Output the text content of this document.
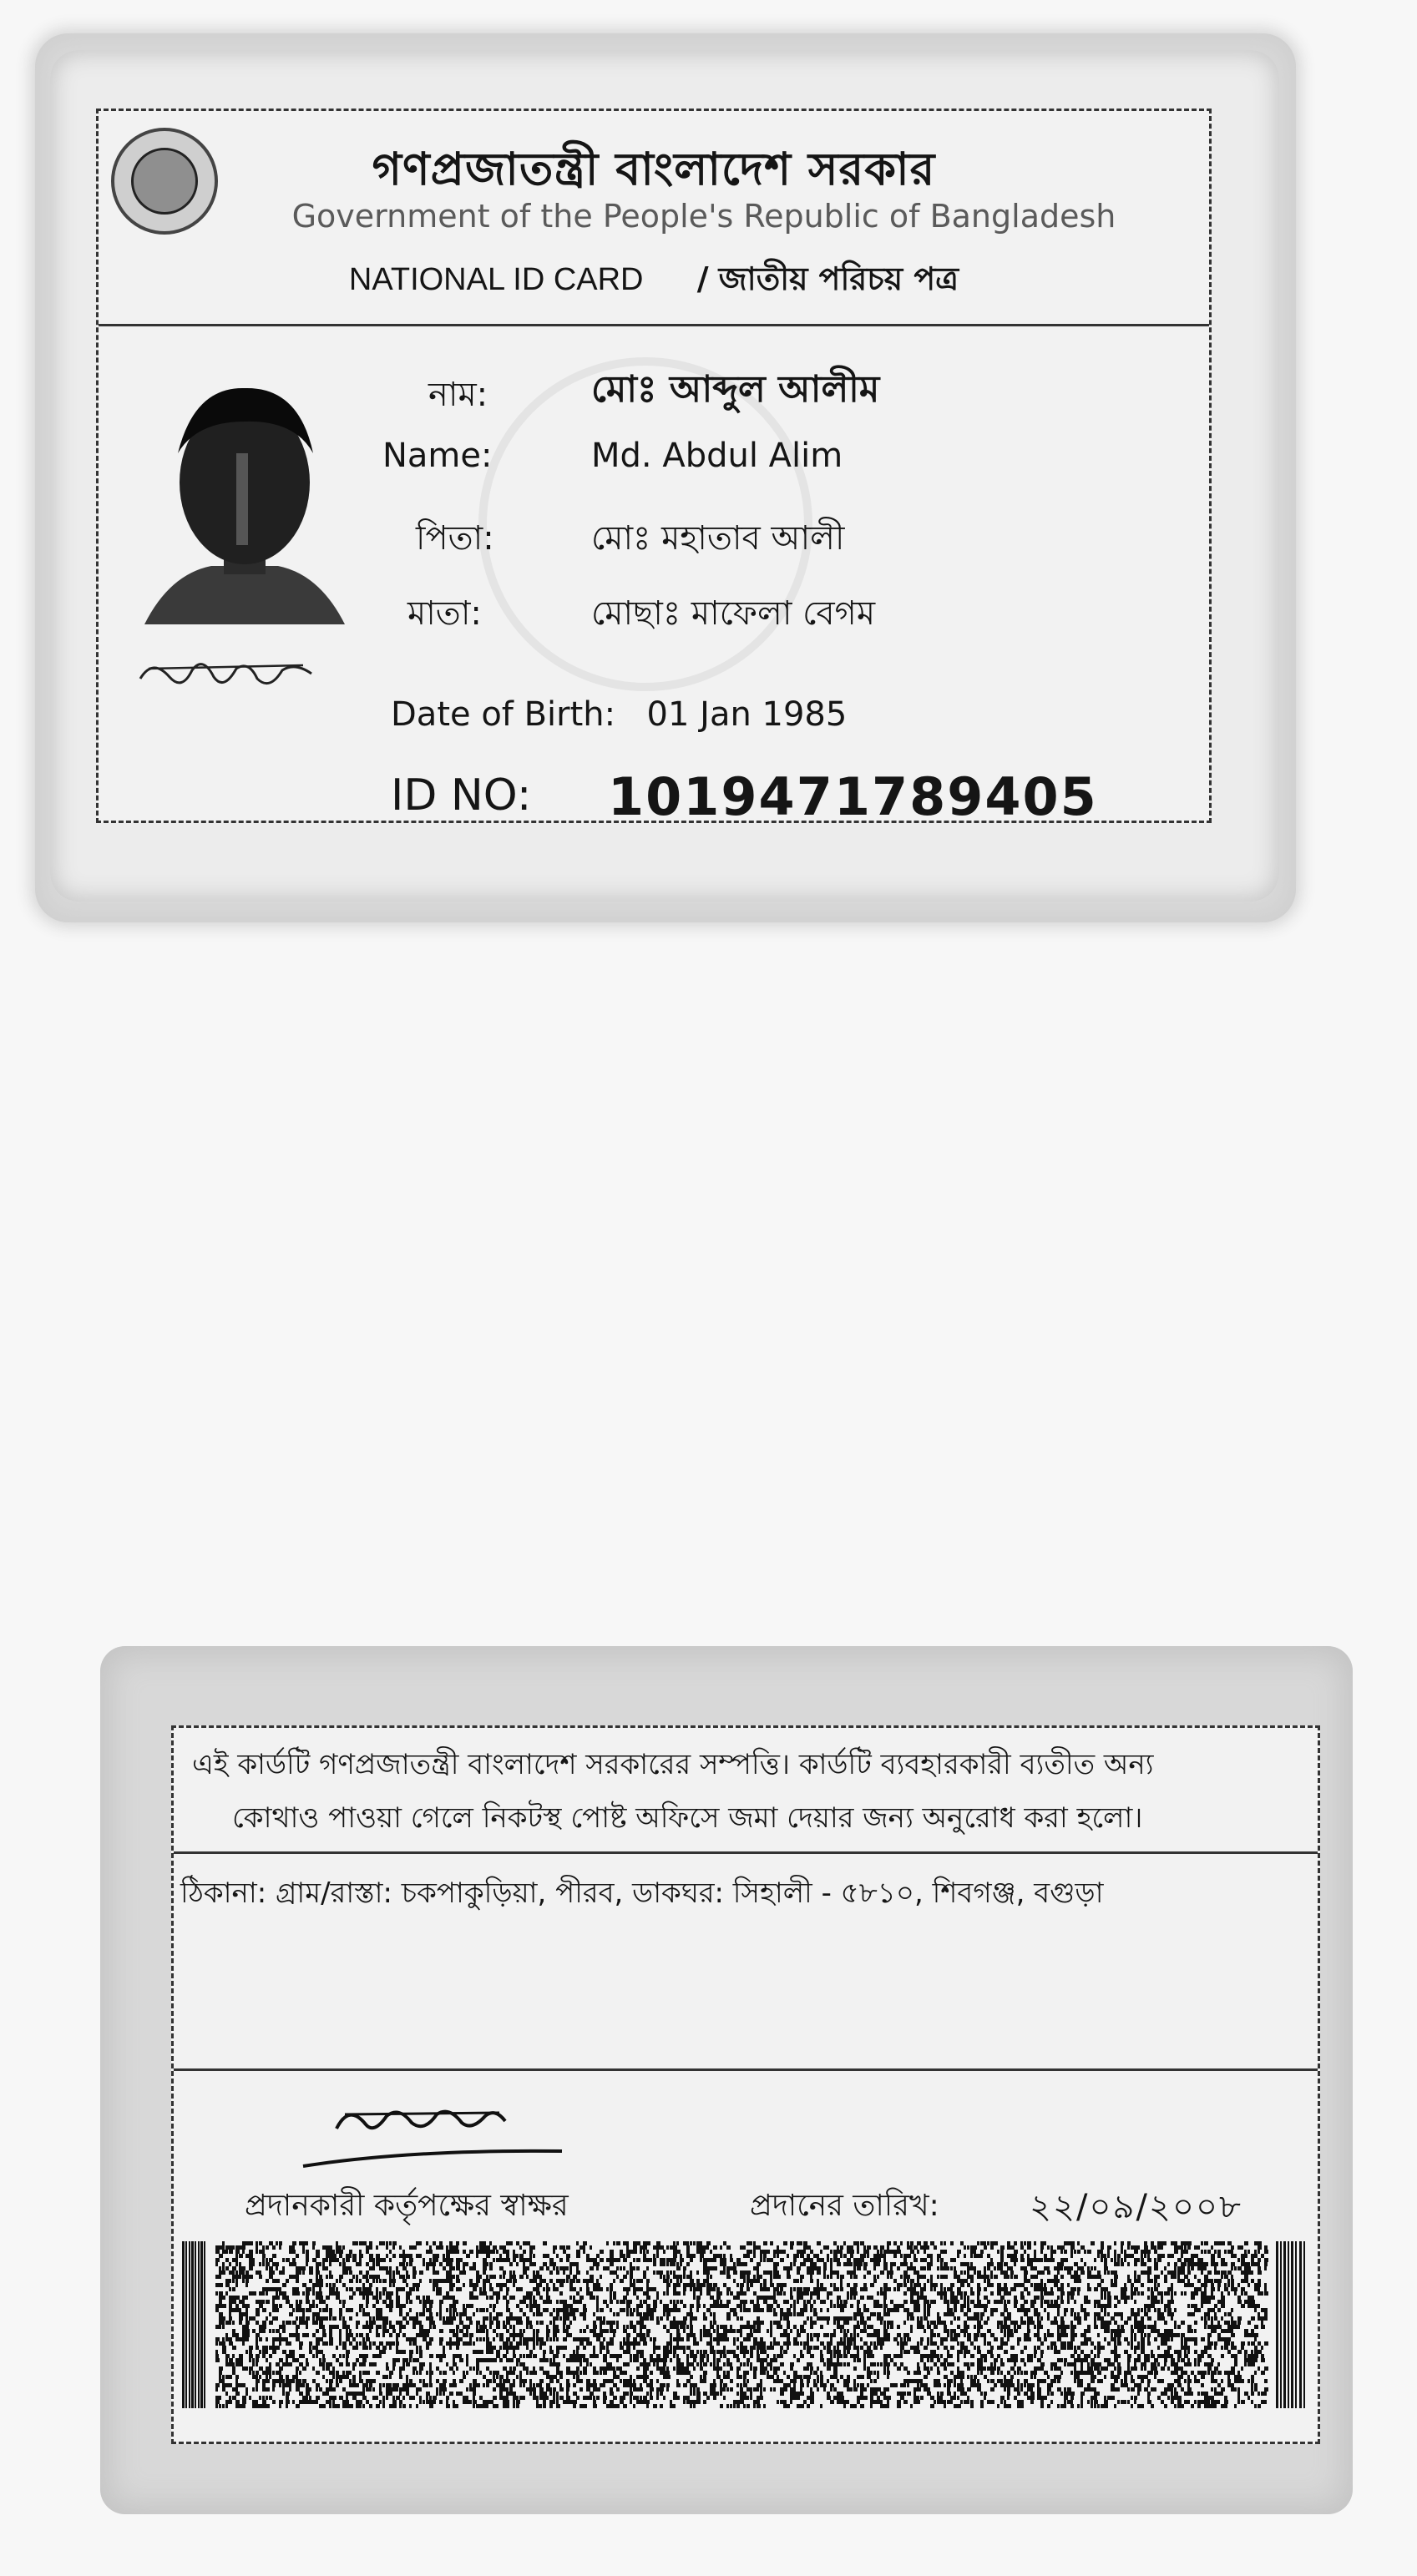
গণপ্রজাতন্ত্রী বাংলাদেশ সরকার
Government of the People's Republic of Bangladesh
NATIONAL ID CARD / জাতীয় পরিচয় পত্র
নাম:	মোঃ আব্দুল আলীম
Name:	Md. Abdul Alim
পিতা:	মোঃ মহাতাব আলী
মাতা:	মোছাঃ মাফেলা বেগম
Date of Birth: 01 Jan 1985
ID NO: 1019471789405
এই কার্ডটি গণপ্রজাতন্ত্রী বাংলাদেশ সরকারের সম্পত্তি। কার্ডটি ব্যবহারকারী ব্যতীত অন্য
কোথাও পাওয়া গেলে নিকটস্থ পোষ্ট অফিসে জমা দেয়ার জন্য অনুরোধ করা হলো।
ঠিকানা: গ্রাম/রাস্তা: চকপাকুড়িয়া, পীরব, ডাকঘর: সিহালী - ৫৮১০, শিবগঞ্জ, বগুড়া
প্রদানকারী কর্তৃপক্ষের স্বাক্ষর	প্রদানের তারিখ:	২২/০৯/২০০৮
